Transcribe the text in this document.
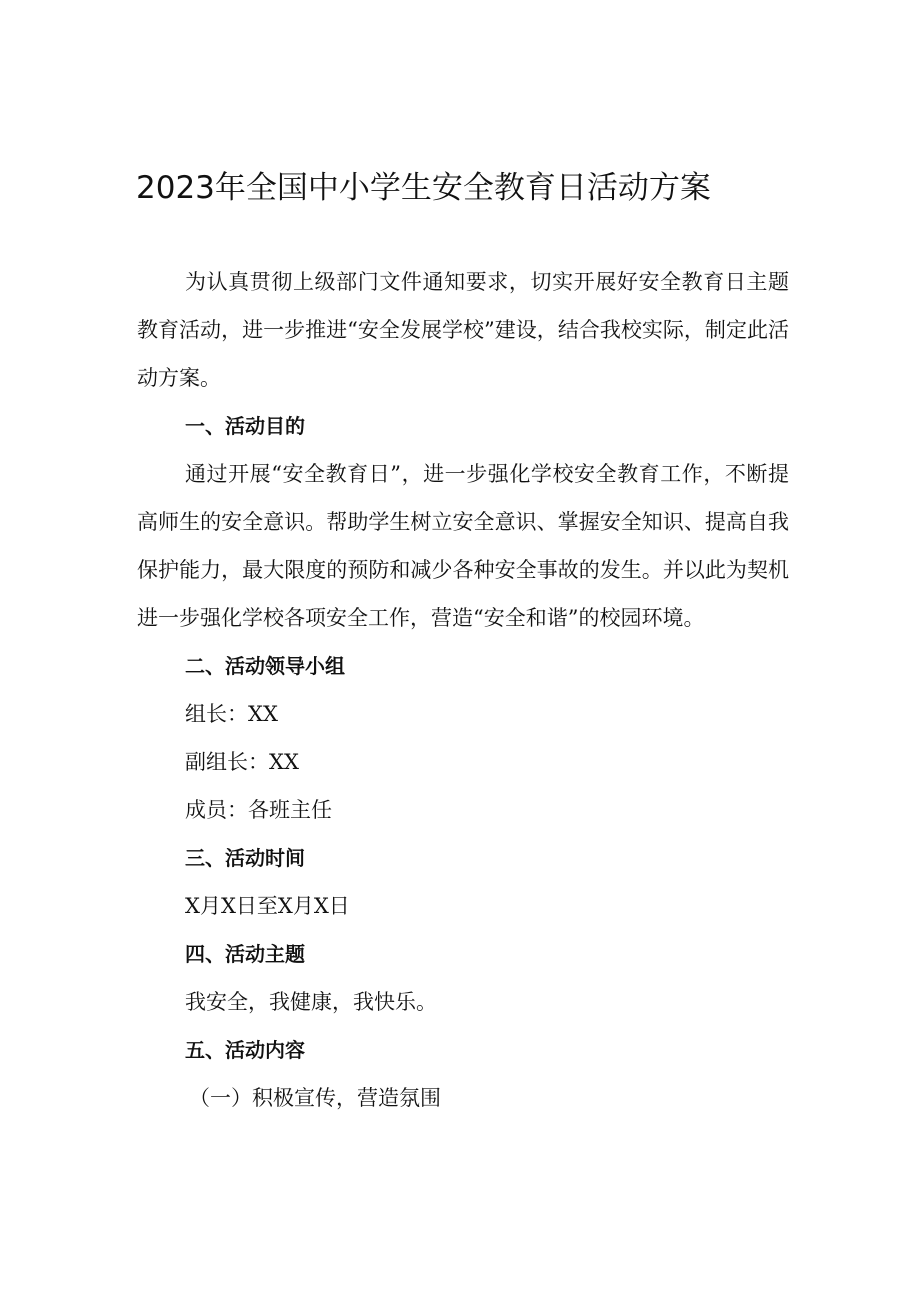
2023年全国中小学生安全教育日活动方案

为认真贯彻上级部门文件通知要求，切实开展好安全教育日主题教育活动，进一步推进“安全发展学校”建设，结合我校实际，制定此活动方案。

一、活动目的

通过开展“安全教育日”，进一步强化学校安全教育工作，不断提高师生的安全意识。帮助学生树立安全意识、掌握安全知识、提高自我保护能力，最大限度的预防和减少各种安全事故的发生。并以此为契机进一步强化学校各项安全工作，营造“安全和谐”的校园环境。

二、活动领导小组

组长：XX

副组长：XX

成员：各班主任

三、活动时间

X月X日至X月X日

四、活动主题

我安全，我健康，我快乐。

五、活动内容

（一）积极宣传，营造氛围
